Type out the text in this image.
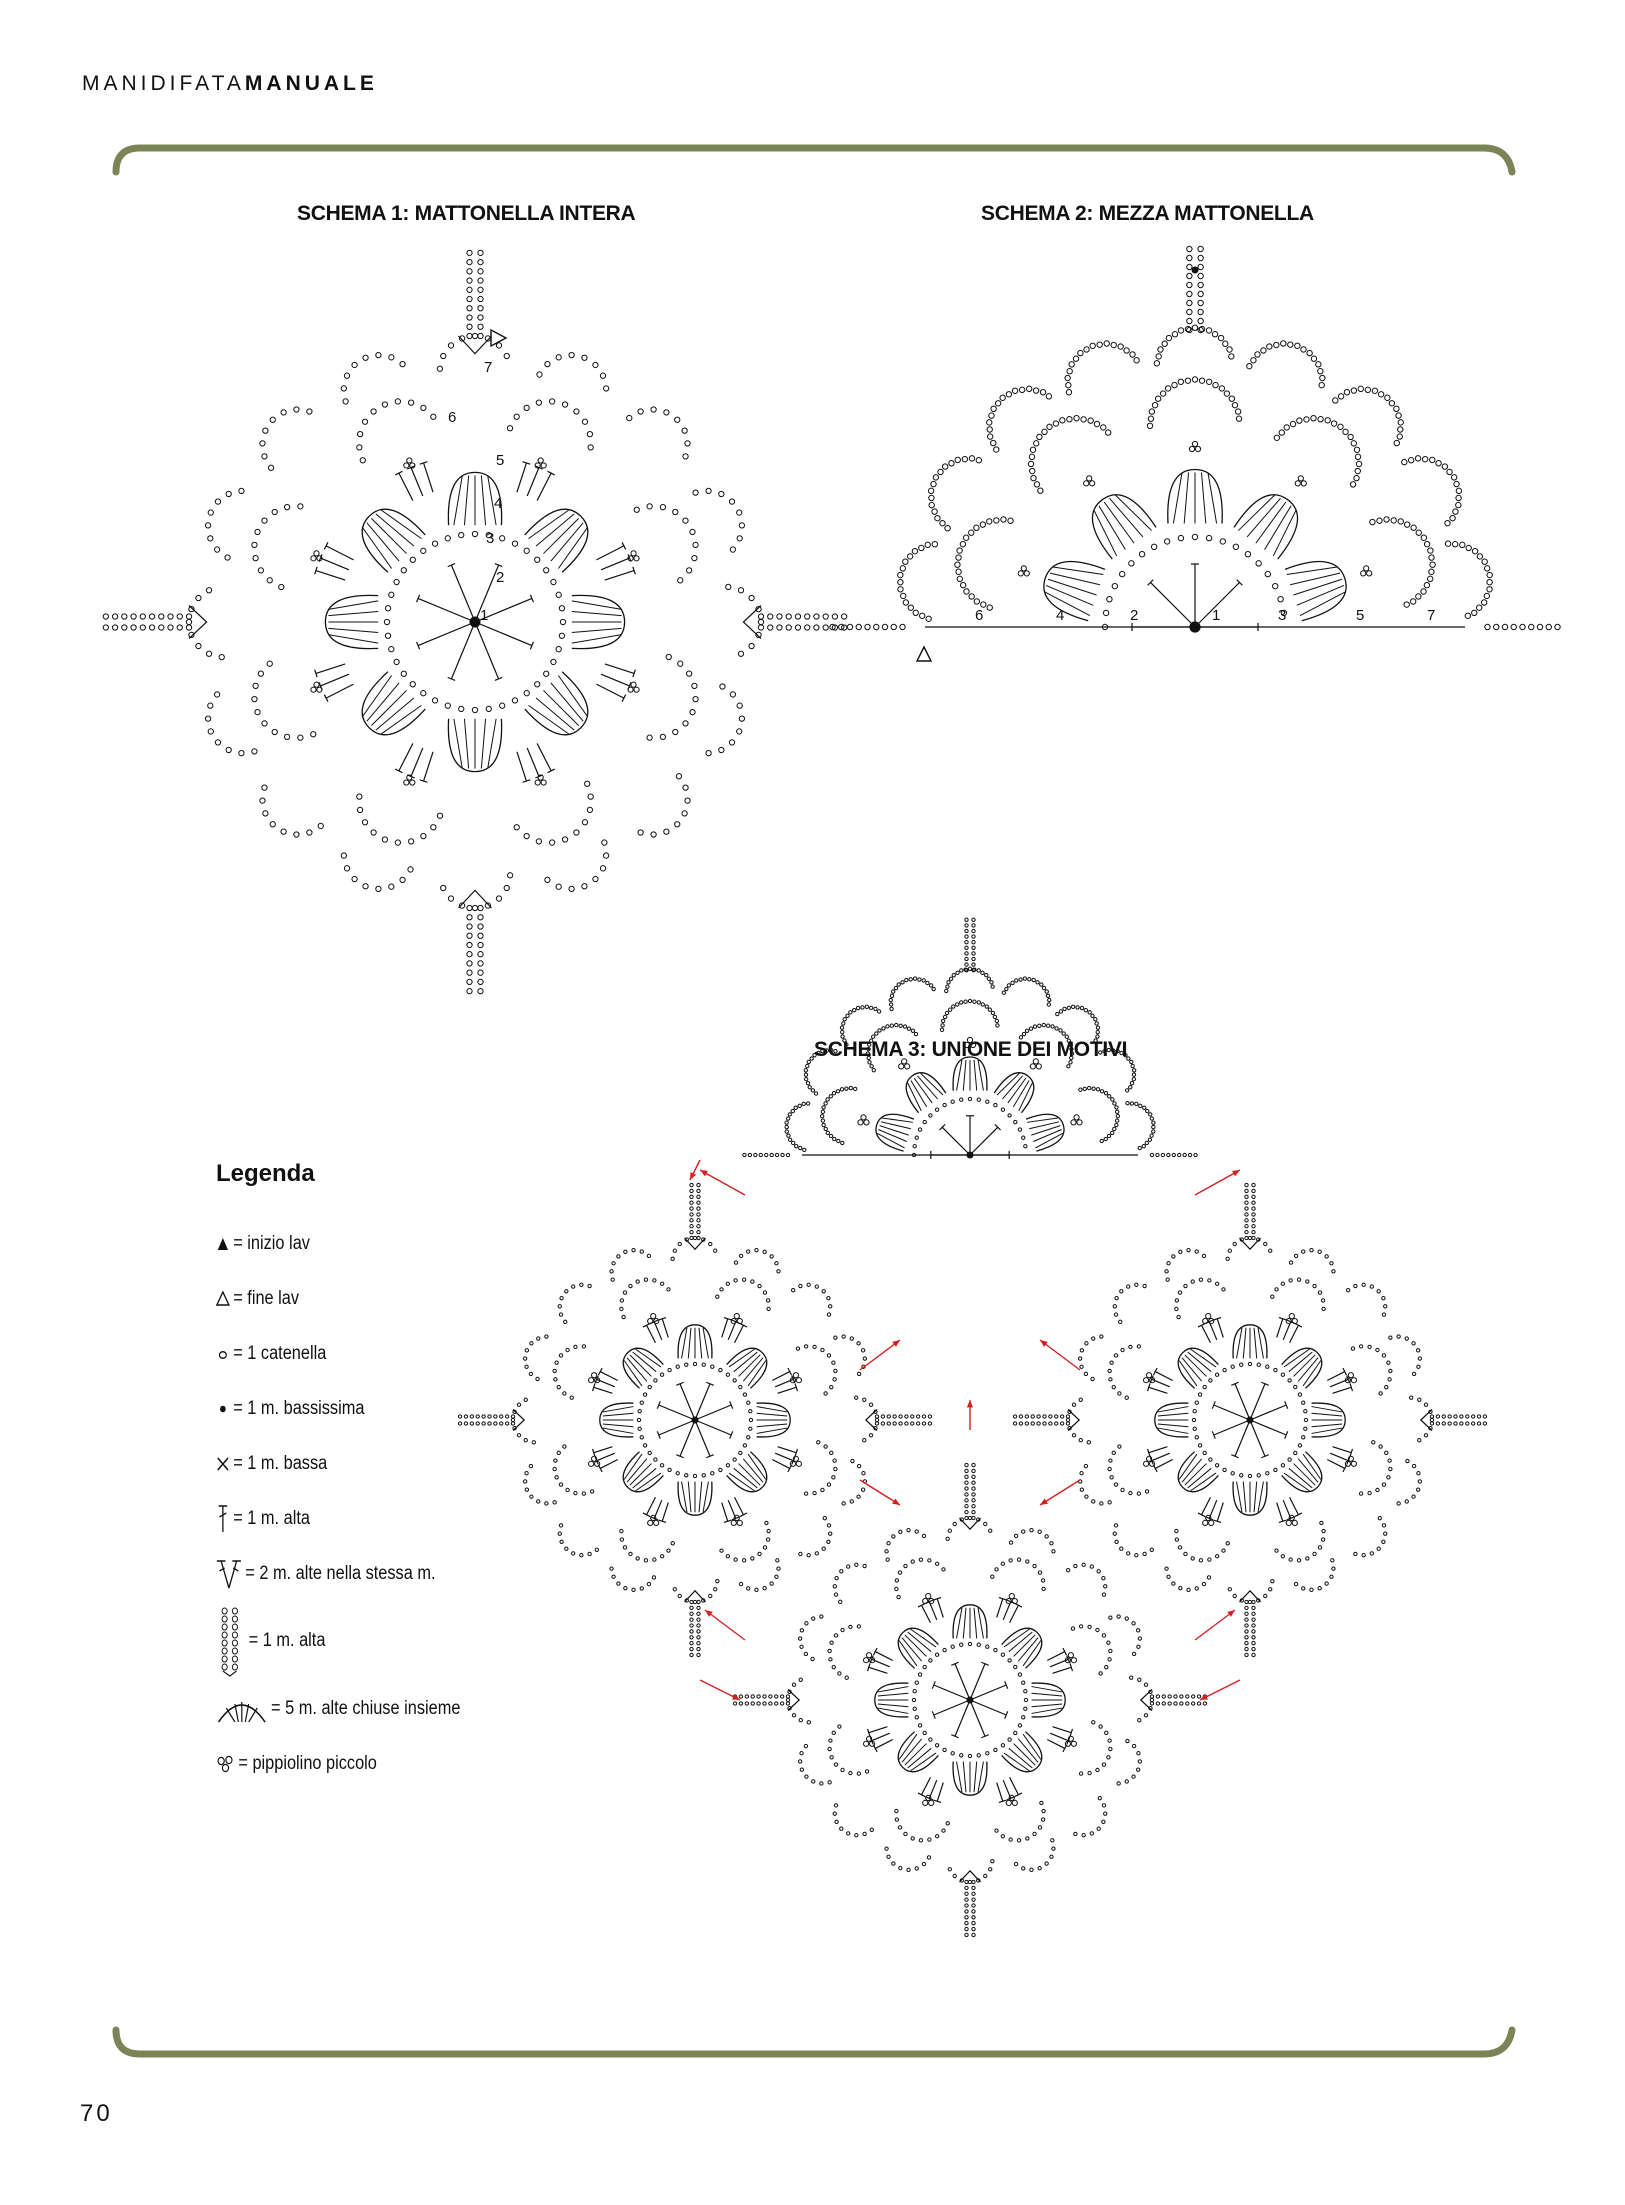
MANIDIFATAMANUALE
SCHEMA 1: MATTONELLA INTERA	SCHEMA 2: MEZZA MATTONELLA
SCHEMA 3: UNIONE DEI MOTIVI
1
2
3
4
5
6
7
1
2	3
4	5
6	7
Legenda
= inizio lav
= fine lav
= 1 catenella
= 1 m. bassissima
= 1 m. bassa
= 1 m. alta
= 2 m. alte nella stessa m.
= 1 m. alta
= 5 m. alte chiuse insieme
= pippiolino piccolo
70
